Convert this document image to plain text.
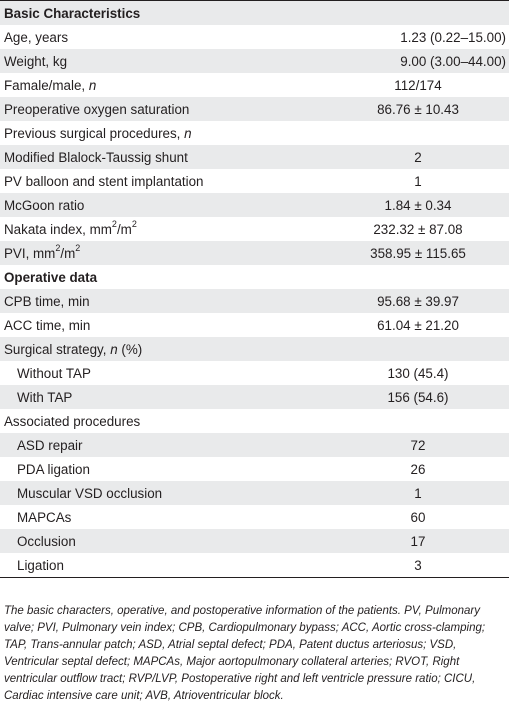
Basic Characteristics
Age, years	1.23 (0.22–15.00)
Weight, kg	9.00 (3.00–44.00)
Famale/male, n	112/174
Preoperative oxygen saturation	86.76 ± 10.43
Previous surgical procedures, n
Modified Blalock-Taussig shunt	2
PV balloon and stent implantation	1
McGoon ratio	1.84 ± 0.34
Nakata index, $mm^2/m^2$	232.32 ± 87.08
PVI, $mm^2/m^2$	358.95 ± 115.65
Operative data
CPB time, min	95.68 ± 39.97
ACC time, min	61.04 ± 21.20
Surgical strategy, n (%)
Without TAP	130 (45.4)
With TAP	156 (54.6)
Associated procedures
ASD repair	72
PDA ligation	26
Muscular VSD occlusion	1
MAPCAs	60
Occlusion	17
Ligation	3
The basic characters, operative, and postoperative information of the patients. PV, Pulmonary valve; PVI, Pulmonary vein index; CPB, Cardiopulmonary bypass; ACC, Aortic cross-clamping; TAP, Trans-annular patch; ASD, Atrial septal defect; PDA, Patent ductus arteriosus; VSD, Ventricular septal defect; MAPCAs, Major aortopulmonary collateral arteries; RVOT, Right ventricular outflow tract; RVP/LVP, Postoperative right and left ventricle pressure ratio; CICU, Cardiac intensive care unit; AVB, Atrioventricular block.
